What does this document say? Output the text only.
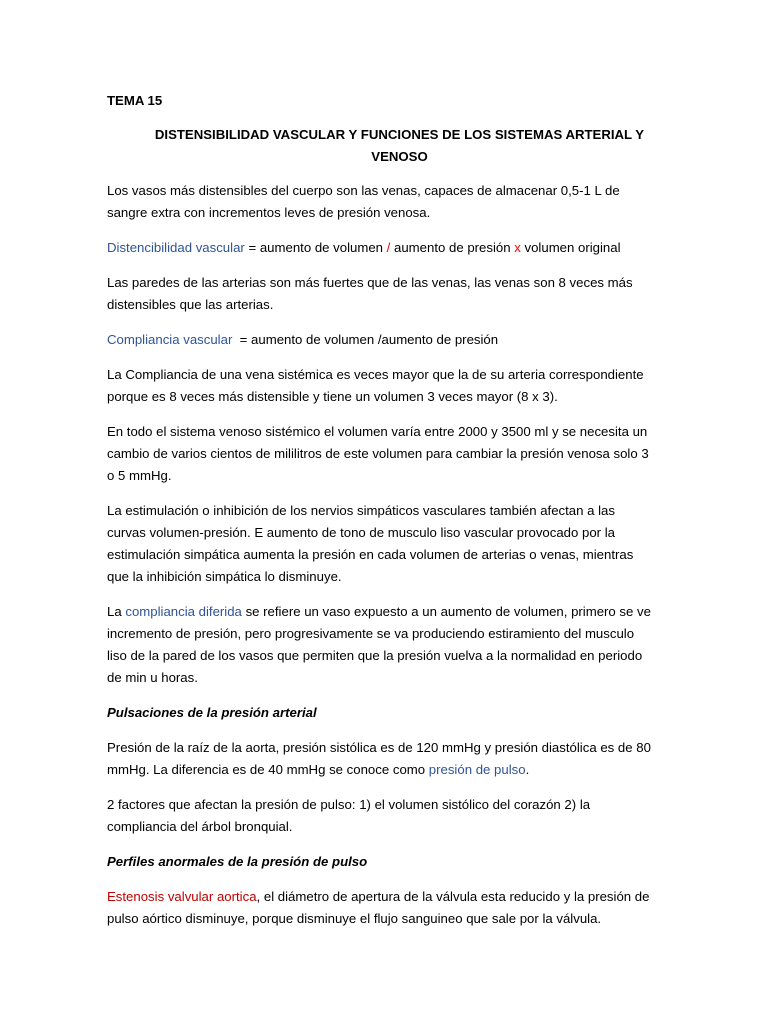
TEMA 15
DISTENSIBILIDAD VASCULAR Y FUNCIONES DE LOS SISTEMAS ARTERIAL Y VENOSO

Los vasos más distensibles del cuerpo son las venas, capaces de almacenar 0,5-1 L de sangre extra con incrementos leves de presión venosa.

Distencibilidad vascular = aumento de volumen / aumento de presión x volumen original

Las paredes de las arterias son más fuertes que de las venas, las venas son 8 veces más distensibles que las arterias.

Compliancia vascular  = aumento de volumen /aumento de presión

La Compliancia de una vena sistémica es veces mayor que la de su arteria correspondiente porque es 8 veces más distensible y tiene un volumen 3 veces mayor (8 x 3).

En todo el sistema venoso sistémico el volumen varía entre 2000 y 3500 ml y se necesita un cambio de varios cientos de mililitros de este volumen para cambiar la presión venosa solo 3 o 5 mmHg.

La estimulación o inhibición de los nervios simpáticos vasculares también afectan a las curvas volumen-presión. E aumento de tono de musculo liso vascular provocado por la estimulación simpática aumenta la presión en cada volumen de arterias o venas, mientras que la inhibición simpática lo disminuye.

La compliancia diferida se refiere un vaso expuesto a un aumento de volumen, primero se ve incremento de presión, pero progresivamente se va produciendo estiramiento del musculo liso de la pared de los vasos que permiten que la presión vuelva a la normalidad en periodo de min u horas.

Pulsaciones de la presión arterial

Presión de la raíz de la aorta, presión sistólica es de 120 mmHg y presión diastólica es de 80 mmHg. La diferencia es de 40 mmHg se conoce como presión de pulso.

2 factores que afectan la presión de pulso: 1) el volumen sistólico del corazón 2) la compliancia del árbol bronquial.

Perfiles anormales de la presión de pulso

Estenosis valvular aortica, el diámetro de apertura de la válvula esta reducido y la presión de pulso aórtico disminuye, porque disminuye el flujo sanguineo que sale por la válvula.
